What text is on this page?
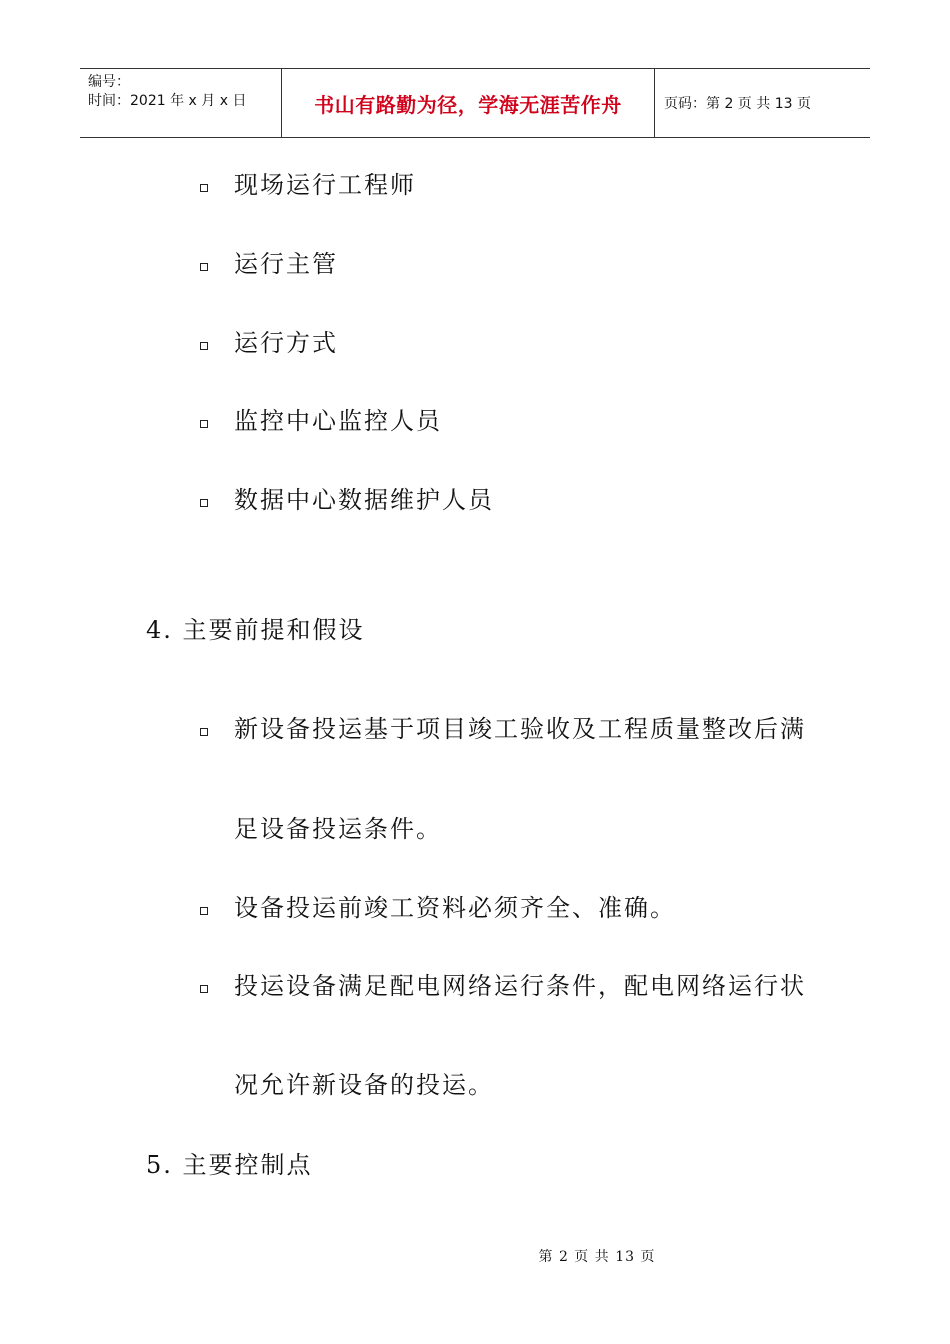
编号：
时间：2021 年 x 月 x 日	书山有路勤为径，学海无涯苦作舟	页码：第 2 页 共 13 页
现场运行工程师
运行主管
运行方式
监控中心监控人员
数据中心数据维护人员
4. 主要前提和假设
新设备投运基于项目竣工验收及工程质量整改后满
足设备投运条件。
设备投运前竣工资料必须齐全、准确。
投运设备满足配电网络运行条件，配电网络运行状
况允许新设备的投运。
5. 主要控制点
第 2 页 共 13 页
